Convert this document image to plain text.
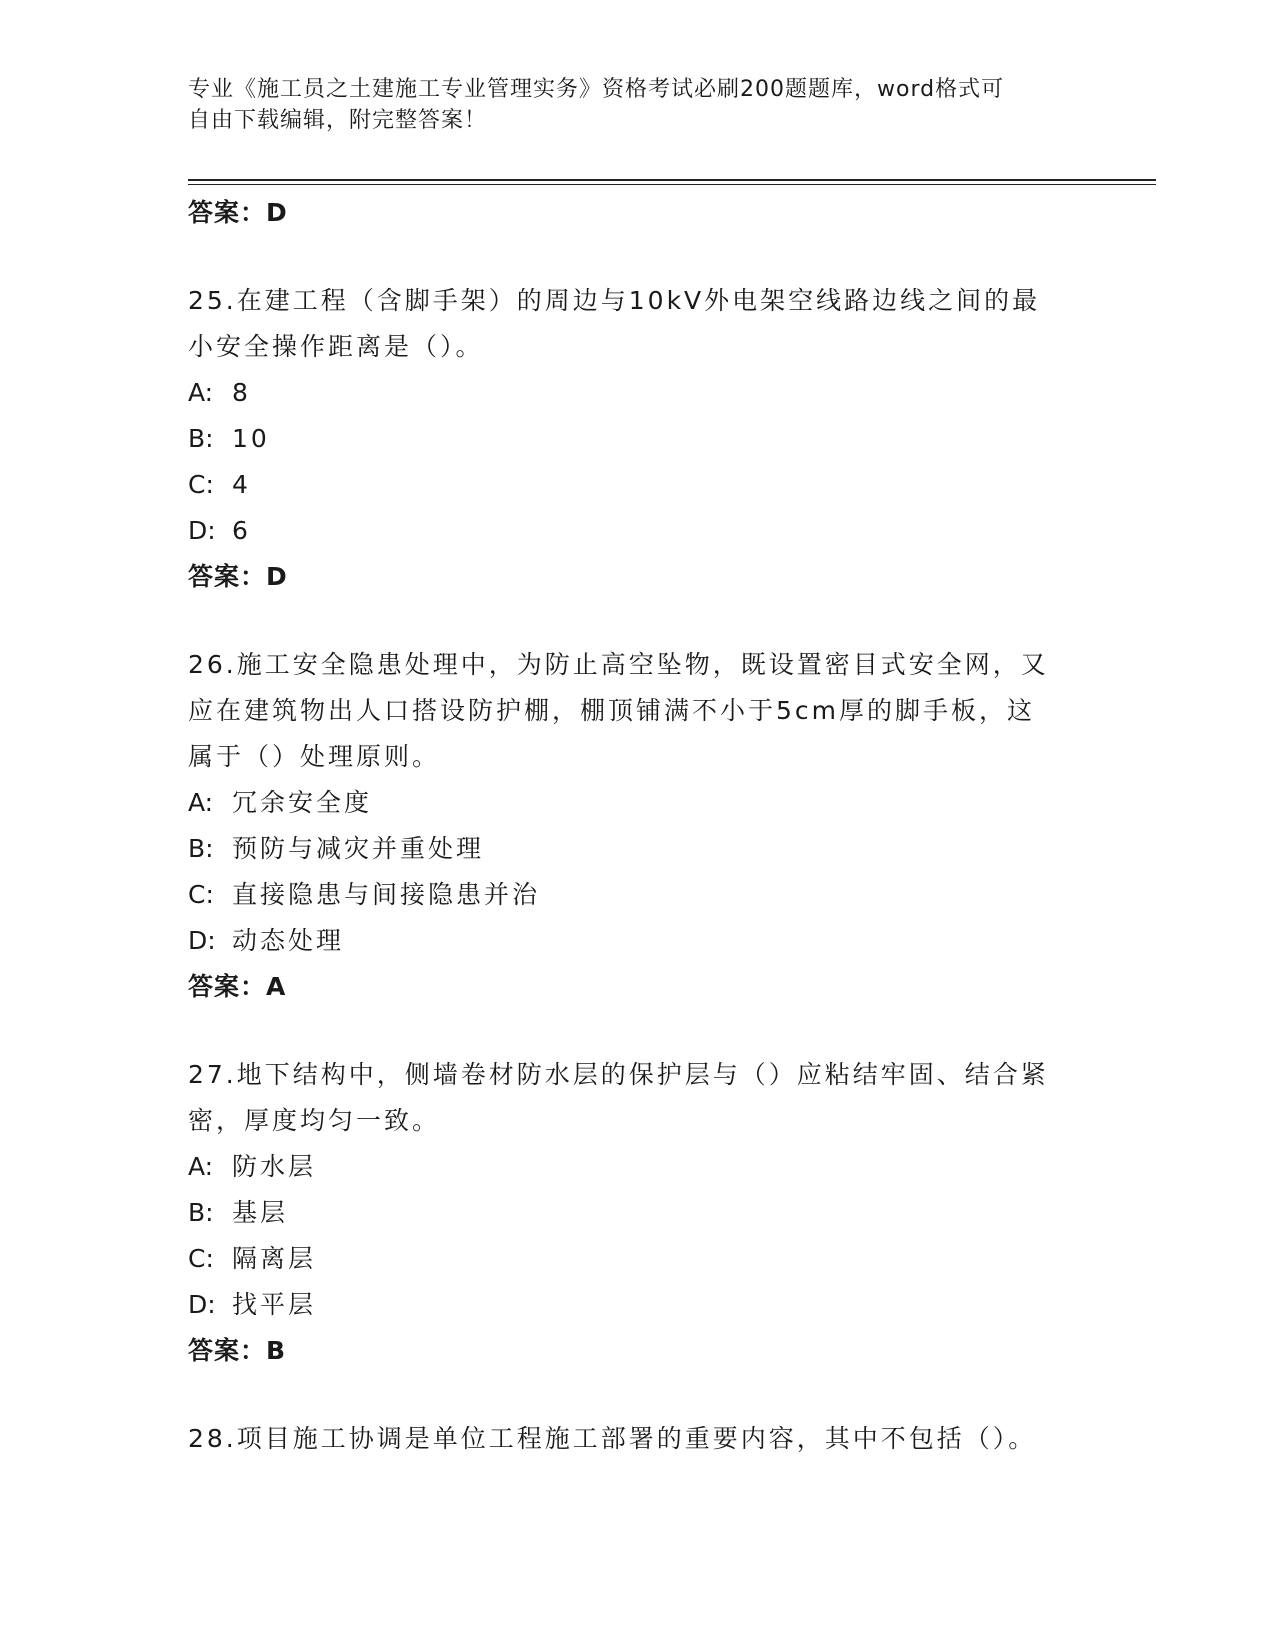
专业《施工员之土建施工专业管理实务》资格考试必刷200题题库，word格式可
自由下载编辑，附完整答案！
答案：D
25.在建工程（含脚手架）的周边与10kV外电架空线路边线之间的最
小安全操作距离是（）。
A: 8
B: 10
C: 4
D: 6
答案：D
26.施工安全隐患处理中，为防止高空坠物，既设置密目式安全网，又
应在建筑物出人口搭设防护棚，棚顶铺满不小于5cm厚的脚手板，这
属于（）处理原则。
A: 冗余安全度
B: 预防与减灾并重处理
C: 直接隐患与间接隐患并治
D: 动态处理
答案：A
27.地下结构中，侧墙卷材防水层的保护层与（）应粘结牢固、结合紧
密，厚度均匀一致。
A: 防水层
B: 基层
C: 隔离层
D: 找平层
答案：B
28.项目施工协调是单位工程施工部署的重要内容，其中不包括（）。
